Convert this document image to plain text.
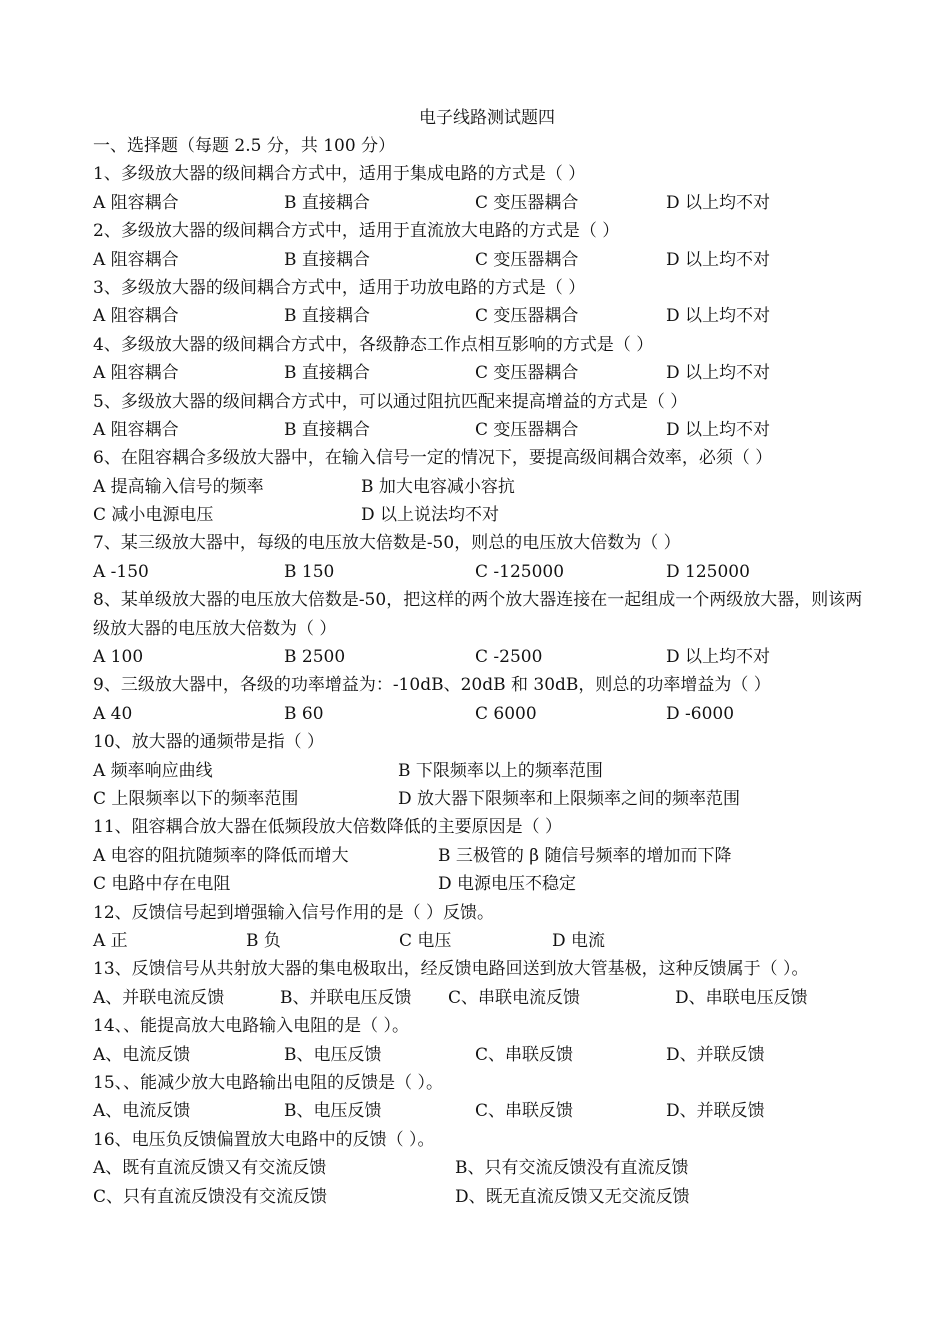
电子线路测试题四
一、选择题（每题 2.5 分，共 100 分）
1、多级放大器的级间耦合方式中，适用于集成电路的方式是（ ）
A 阻容耦合	B 直接耦合	C 变压器耦合	D 以上均不对
2、多级放大器的级间耦合方式中，适用于直流放大电路的方式是（ ）
A 阻容耦合	B 直接耦合	C 变压器耦合	D 以上均不对
3、多级放大器的级间耦合方式中，适用于功放电路的方式是（ ）
A 阻容耦合	B 直接耦合	C 变压器耦合	D 以上均不对
4、多级放大器的级间耦合方式中，各级静态工作点相互影响的方式是（ ）
A 阻容耦合	B 直接耦合	C 变压器耦合	D 以上均不对
5、多级放大器的级间耦合方式中，可以通过阻抗匹配来提高增益的方式是（ ）
A 阻容耦合	B 直接耦合	C 变压器耦合	D 以上均不对
6、在阻容耦合多级放大器中，在输入信号一定的情况下，要提高级间耦合效率，必须（ ）
A 提高输入信号的频率	B 加大电容减小容抗
C 减小电源电压	D 以上说法均不对
7、某三级放大器中，每级的电压放大倍数是-50，则总的电压放大倍数为（ ）
A -150	B 150	C -125000	D 125000
8、某单级放大器的电压放大倍数是-50，把这样的两个放大器连接在一起组成一个两级放大器，则该两级放大器的电压放大倍数为（ ）
A 100	B 2500	C -2500	D 以上均不对
9、三级放大器中，各级的功率增益为：-10dB、20dB 和 30dB，则总的功率增益为（ ）
A 40	B 60	C 6000	D -6000
10、放大器的通频带是指（ ）
A 频率响应曲线	B 下限频率以上的频率范围
C 上限频率以下的频率范围	D 放大器下限频率和上限频率之间的频率范围
11、阻容耦合放大器在低频段放大倍数降低的主要原因是（ ）
A 电容的阻抗随频率的降低而增大	B 三极管的 β 随信号频率的增加而下降
C 电路中存在电阻	D 电源电压不稳定
12、反馈信号起到增强输入信号作用的是（ ）反馈。
A 正	B 负	C 电压	D 电流
13、反馈信号从共射放大器的集电极取出，经反馈电路回送到放大管基极，这种反馈属于（ ）。
A、并联电流反馈	B、并联电压反馈 C、串联电流反馈	D、串联电压反馈
14、、能提高放大电路输入电阻的是（ ）。
A、电流反馈	B、电压反馈	C、串联反馈	D、并联反馈
15、、能减少放大电路输出电阻的反馈是（ ）。
A、电流反馈	B、电压反馈	C、串联反馈	D、并联反馈
16、电压负反馈偏置放大电路中的反馈（ ）。
A、既有直流反馈又有交流反馈	B、只有交流反馈没有直流反馈
C、只有直流反馈没有交流反馈	D、既无直流反馈又无交流反馈
